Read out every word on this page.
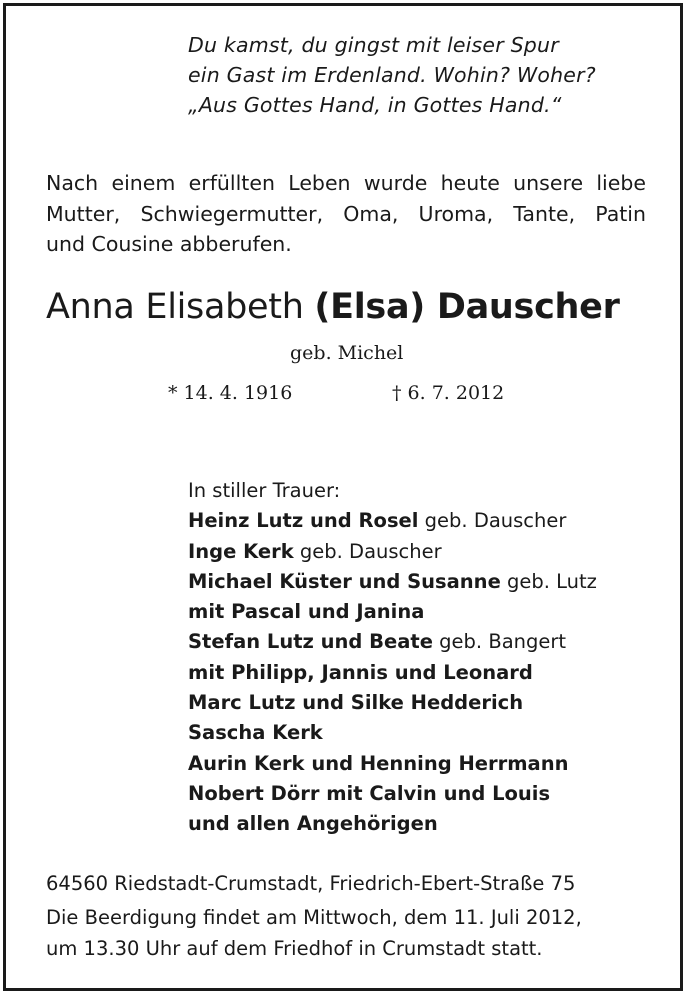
Du kamst, du gingst mit leiser Spur
ein Gast im Erdenland. Wohin? Woher?
„Aus Gottes Hand, in Gottes Hand.“
Nach einem erfüllten Leben wurde heute unsere liebe
Mutter, Schwiegermutter, Oma, Uroma, Tante, Patin
und Cousine abberufen.
Anna Elisabeth (Elsa) Dauscher
geb. Michel
* 14. 4. 1916	† 6. 7. 2012
In stiller Trauer:
Heinz Lutz und Rosel geb. Dauscher
Inge Kerk geb. Dauscher
Michael Küster und Susanne geb. Lutz
mit Pascal und Janina
Stefan Lutz und Beate geb. Bangert
mit Philipp, Jannis und Leonard
Marc Lutz und Silke Hedderich
Sascha Kerk
Aurin Kerk und Henning Herrmann
Nobert Dörr mit Calvin und Louis
und allen Angehörigen
64560 Riedstadt-Crumstadt, Friedrich-Ebert-Straße 75
Die Beerdigung findet am Mittwoch, dem 11. Juli 2012,
um 13.30 Uhr auf dem Friedhof in Crumstadt statt.
